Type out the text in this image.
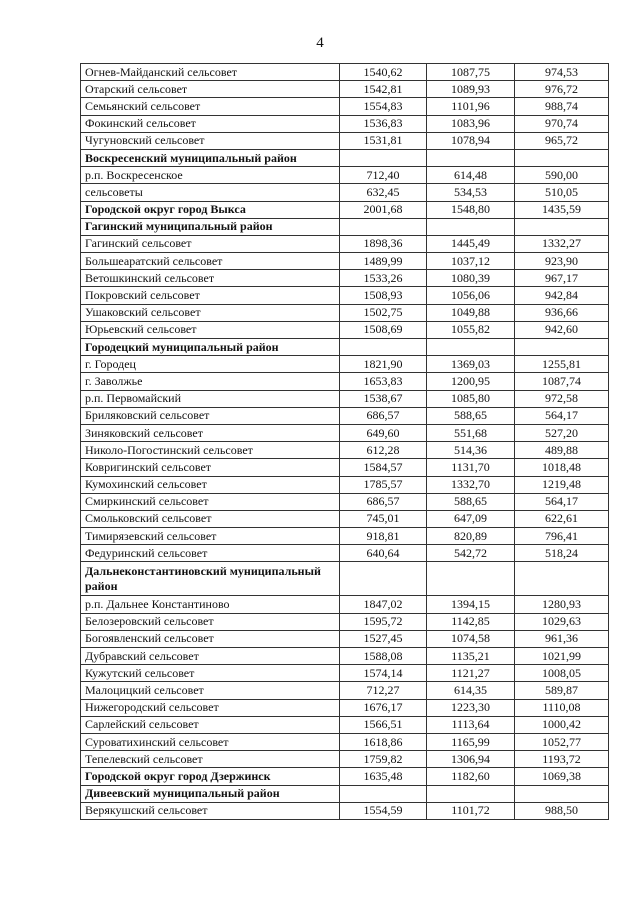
4
Огнев-Майданский сельсовет	1540,62	1087,75	974,53
Отарский сельсовет	1542,81	1089,93	976,72
Семьянский сельсовет	1554,83	1101,96	988,74
Фокинский сельсовет	1536,83	1083,96	970,74
Чугуновский сельсовет	1531,81	1078,94	965,72
Воскресенский муниципальный район			
р.п. Воскресенское	712,40	614,48	590,00
сельсоветы	632,45	534,53	510,05
Городской округ город Выкса	2001,68	1548,80	1435,59
Гагинский муниципальный район			
Гагинский сельсовет	1898,36	1445,49	1332,27
Большеаратский сельсовет	1489,99	1037,12	923,90
Ветошкинский сельсовет	1533,26	1080,39	967,17
Покровский сельсовет	1508,93	1056,06	942,84
Ушаковский сельсовет	1502,75	1049,88	936,66
Юрьевский сельсовет	1508,69	1055,82	942,60
Городецкий муниципальный район			
г. Городец	1821,90	1369,03	1255,81
г. Заволжье	1653,83	1200,95	1087,74
р.п. Первомайский	1538,67	1085,80	972,58
Бриляковский сельсовет	686,57	588,65	564,17
Зиняковский сельсовет	649,60	551,68	527,20
Николо-Погостинский сельсовет	612,28	514,36	489,88
Ковригинский сельсовет	1584,57	1131,70	1018,48
Кумохинский сельсовет	1785,57	1332,70	1219,48
Смиркинский сельсовет	686,57	588,65	564,17
Смольковский сельсовет	745,01	647,09	622,61
Тимирязевский сельсовет	918,81	820,89	796,41
Федуринский сельсовет	640,64	542,72	518,24
Дальнеконстантиновский муниципальный район			
р.п. Дальнее Константиново	1847,02	1394,15	1280,93
Белозеровский сельсовет	1595,72	1142,85	1029,63
Богоявленский сельсовет	1527,45	1074,58	961,36
Дубравский сельсовет	1588,08	1135,21	1021,99
Кужутский сельсовет	1574,14	1121,27	1008,05
Малоцицкий сельсовет	712,27	614,35	589,87
Нижегородский сельсовет	1676,17	1223,30	1110,08
Сарлейский сельсовет	1566,51	1113,64	1000,42
Суроватихинский сельсовет	1618,86	1165,99	1052,77
Тепелевский сельсовет	1759,82	1306,94	1193,72
Городской округ город Дзержинск	1635,48	1182,60	1069,38
Дивеевский муниципальный район			
Верякушский сельсовет	1554,59	1101,72	988,50
